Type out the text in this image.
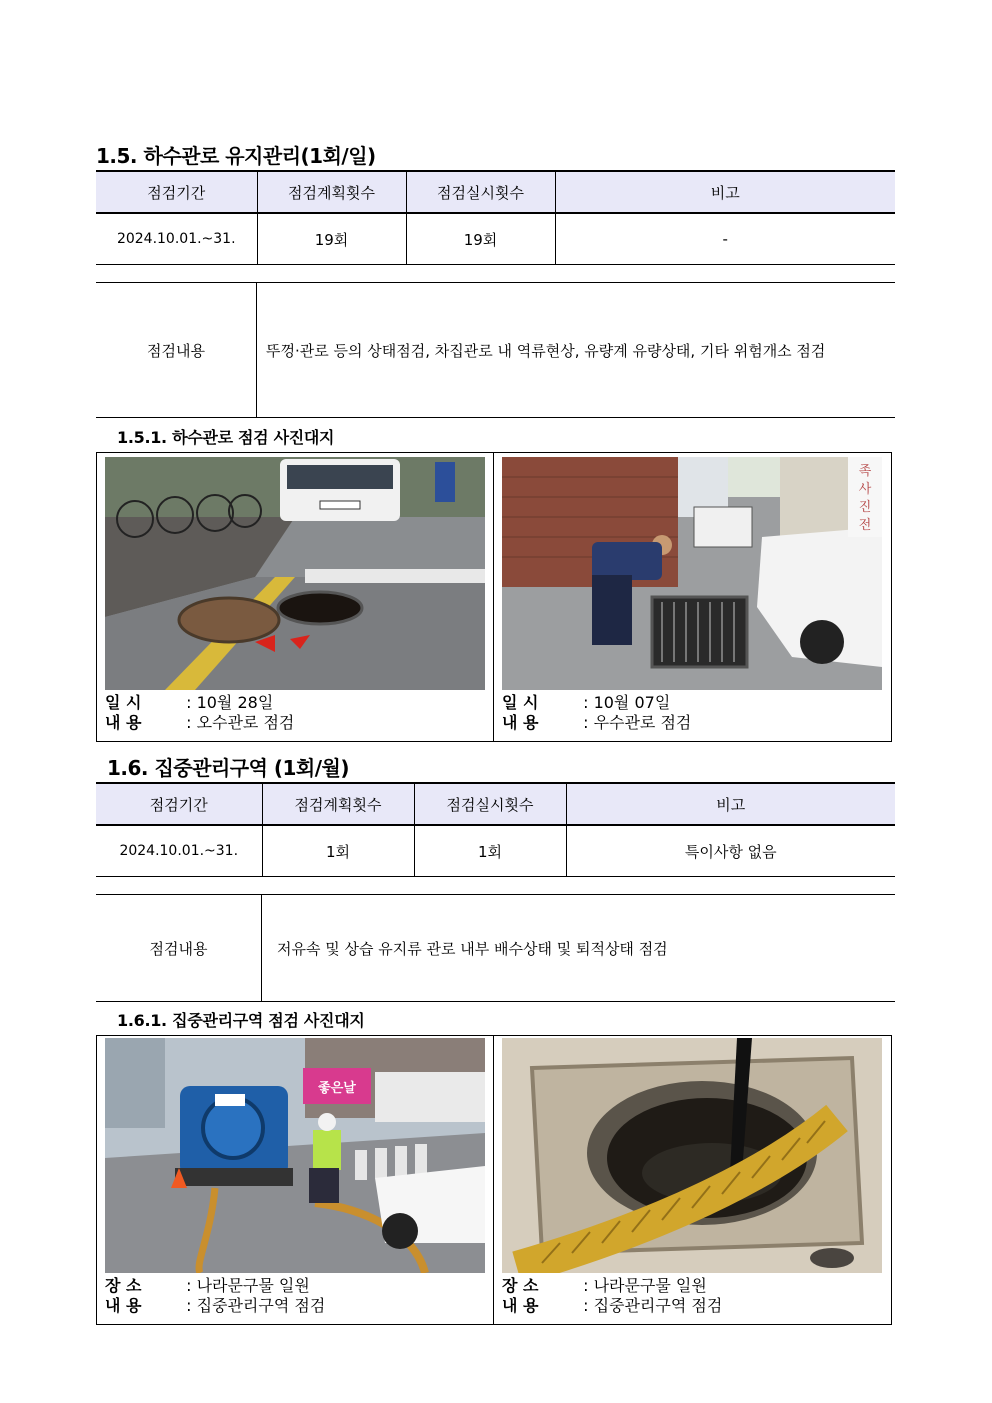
1.5. 하수관로 유지관리(1회/일)
점검기간	점검계획횟수	점검실시횟수	비고
2024.10.01.~31.	19회	19회	-
점검내용	뚜껑·관로 등의 상태점검, 차집관로 내 역류현상, 유량계 유량상태, 기타 위험개소 점검
1.5.1. 하수관로 점검 사진대지
일 시 : 10월 28일
내 용 : 오수관로 점검
족
사
진
전
일 시 : 10월 07일
내 용 : 우수관로 점검
1.6. 집중관리구역 (1회/월)
점검기간	점검계획횟수	점검실시횟수	비고
2024.10.01.~31.	1회	1회	특이사항 없음
점검내용	저유속 및 상습 유지류 관로 내부 배수상태 및 퇴적상태 점검
1.6.1. 집중관리구역 점검 사진대지
좋은날
장 소 : 나라문구물 일원
내 용 : 집중관리구역 점검
장 소 : 나라문구물 일원
내 용 : 집중관리구역 점검
